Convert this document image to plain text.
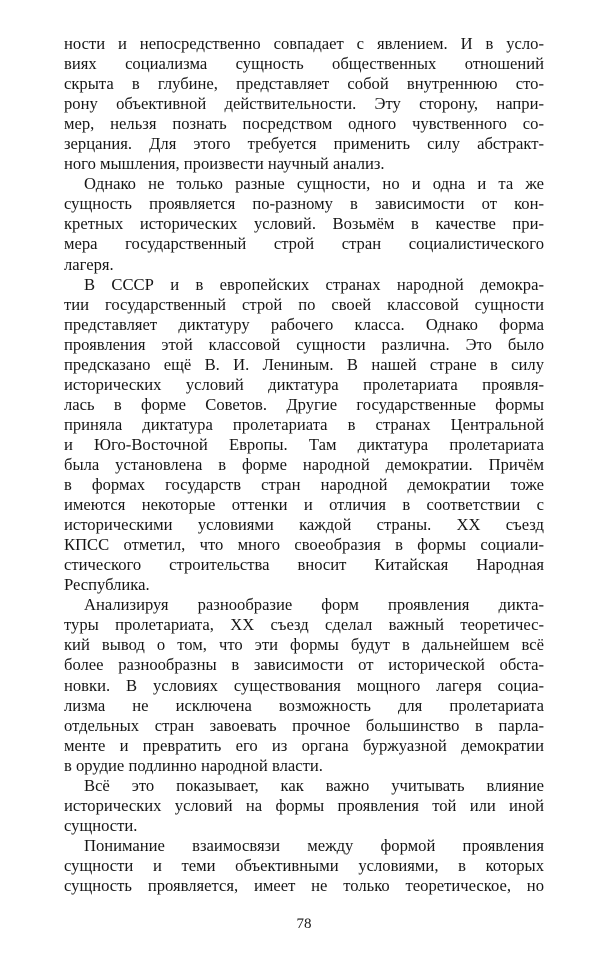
ности и непосредственно совпадает с явлением. И в усло-
виях социализма сущность общественных отношений
скрыта в глубине, представляет собой внутреннюю сто-
рону объективной действительности. Эту сторону, напри-
мер, нельзя познать посредством одного чувственного со-
зерцания. Для этого требуется применить силу абстракт-
ного мышления, произвести научный анализ.
Однако не только разные сущности, но и одна и та же
сущность проявляется по-разному в зависимости от кон-
кретных исторических условий. Возьмём в качестве при-
мера государственный строй стран социалистического
лагеря.
В СССР и в европейских странах народной демокра-
тии государственный строй по своей классовой сущности
представляет диктатуру рабочего класса. Однако форма
проявления этой классовой сущности различна. Это было
предсказано ещё В. И. Лениным. В нашей стране в силу
исторических условий диктатура пролетариата проявля-
лась в форме Советов. Другие государственные формы
приняла диктатура пролетариата в странах Центральной
и Юго-Восточной Европы. Там диктатура пролетариата
была установлена в форме народной демократии. Причём
в формах государств стран народной демократии тоже
имеются некоторые оттенки и отличия в соответствии с
историческими условиями каждой страны. XX съезд
КПСС отметил, что много своеобразия в формы социали-
стического строительства вносит Китайская Народная
Республика.
Анализируя разнообразие форм проявления дикта-
туры пролетариата, XX съезд сделал важный теоретичес-
кий вывод о том, что эти формы будут в дальнейшем всё
более разнообразны в зависимости от исторической обста-
новки. В условиях существования мощного лагеря социа-
лизма не исключена возможность для пролетариата
отдельных стран завоевать прочное большинство в парла-
менте и превратить его из органа буржуазной демократии
в орудие подлинно народной власти.
Всё это показывает, как важно учитывать влияние
исторических условий на формы проявления той или иной
сущности.
Понимание взаимосвязи между формой проявления
сущности и теми объективными условиями, в которых
сущность проявляется, имеет не только теоретическое, но
78
